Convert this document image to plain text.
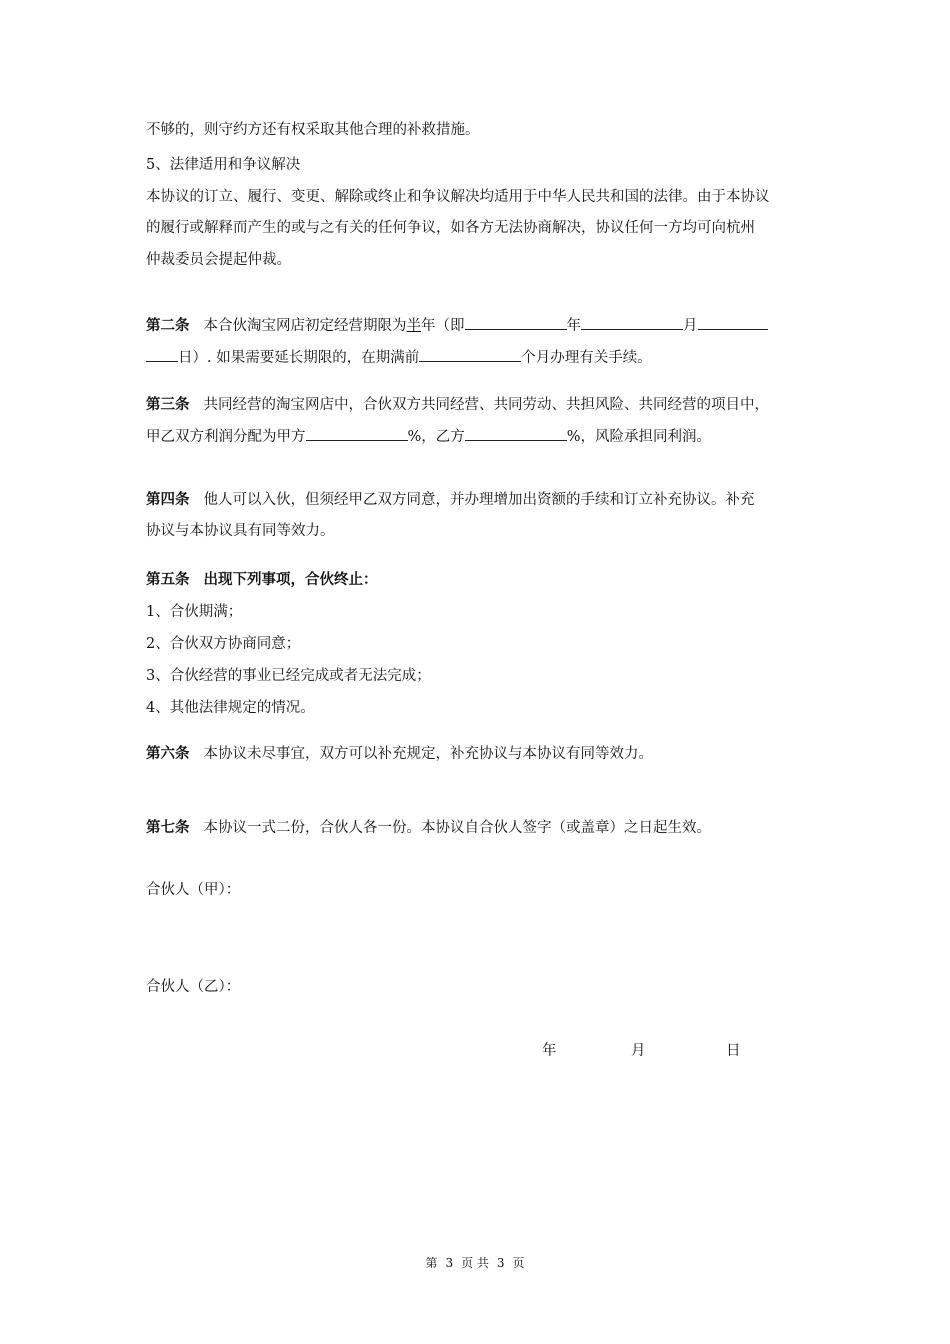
不够的，则守约方还有权采取其他合理的补救措施。
5、法律适用和争议解决
本协议的订立、履行、变更、解除或终止和争议解决均适用于中华人民共和国的法律。由于本协议
的履行或解释而产生的或与之有关的任何争议，如各方无法协商解决，协议任何一方均可向杭州
仲裁委员会提起仲裁。
第二条 本合伙淘宝网店初定经营期限为半年（即	年	月
日）. 如果需要延长期限的，在期满前	个月办理有关手续。
第三条 共同经营的淘宝网店中，合伙双方共同经营、共同劳动、共担风险、共同经营的项目中，
甲乙双方利润分配为甲方	%，乙方	%，风险承担同利润。
第四条 他人可以入伙，但须经甲乙双方同意，并办理增加出资额的手续和订立补充协议。补充
协议与本协议具有同等效力。
第五条 出现下列事项，合伙终止：
1、合伙期满；
2、合伙双方协商同意；
3、合伙经营的事业已经完成或者无法完成；
4、其他法律规定的情况。
第六条 本协议未尽事宜，双方可以补充规定，补充协议与本协议有同等效力。
第七条 本协议一式二份，合伙人各一份。本协议自合伙人签字（或盖章）之日起生效。
合伙人（甲）：
合伙人（乙）：
年	月	日
第 3 页 共 3 页
